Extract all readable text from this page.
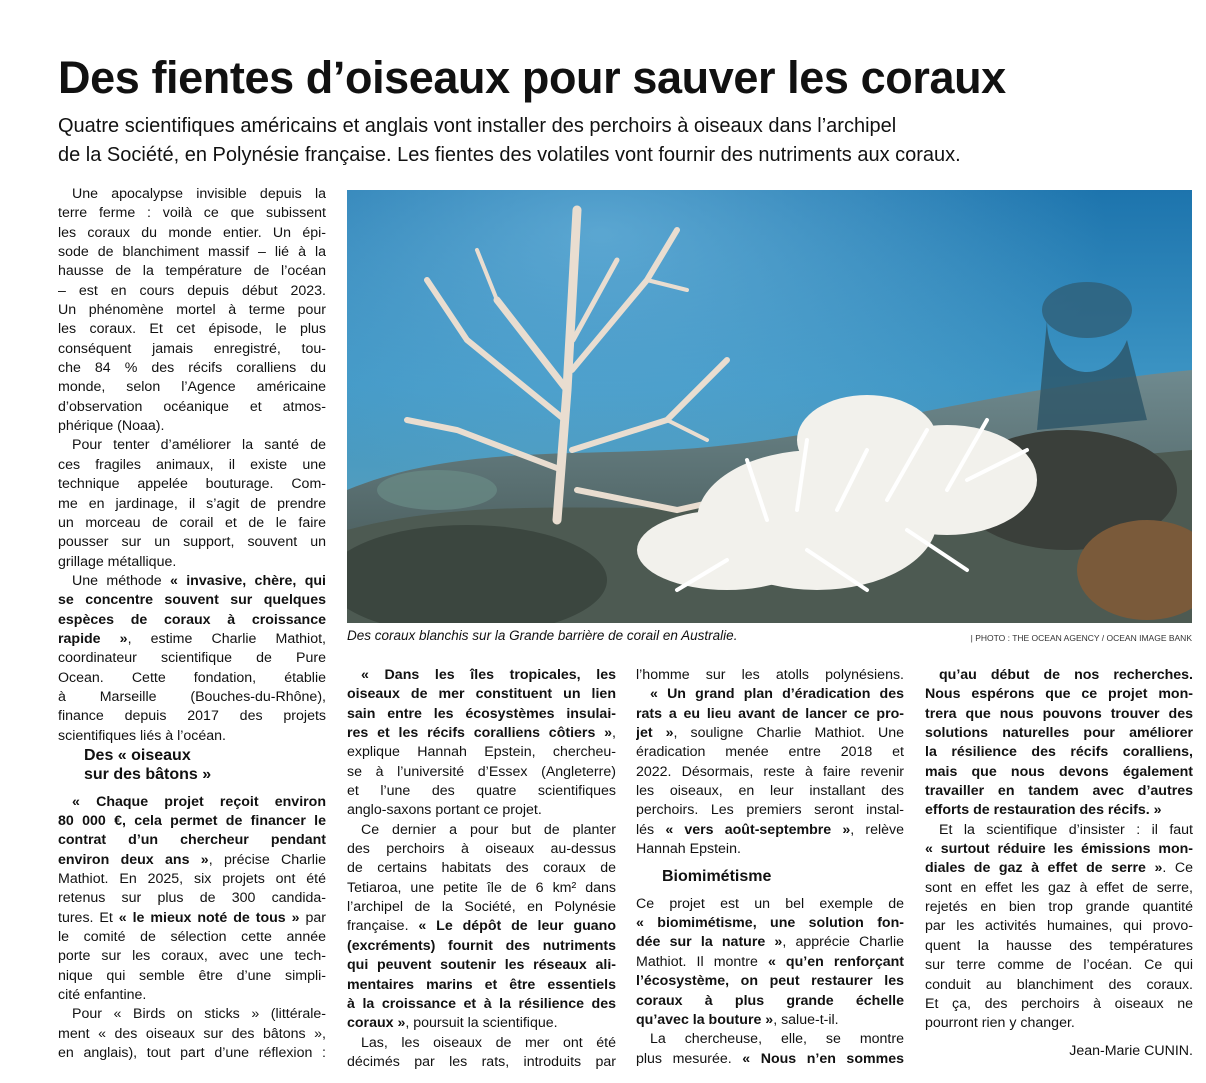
Des fientes d’oiseaux pour sauver les coraux
Quatre scientifiques américains et anglais vont installer des perchoirs à oiseaux dans l’archipel
de la Société, en Polynésie française. Les fientes des volatiles vont fournir des nutriments aux coraux.
Des coraux blanchis sur la Grande barrière de corail en Australie.	| PHOTO : THE OCEAN AGENCY / OCEAN IMAGE BANK
Une apocalypse invisible depuis la
terre ferme : voilà ce que subissent
les coraux du monde entier. Un épi-
sode de blanchiment massif – lié à la
hausse de la température de l’océan
– est en cours depuis début 2023.
Un phénomène mortel à terme pour
les coraux. Et cet épisode, le plus
conséquent jamais enregistré, tou-
che 84 % des récifs coralliens du
monde, selon l’Agence américaine
d’observation océanique et atmos-
phérique (Noaa).
Pour tenter d’améliorer la santé de
ces fragiles animaux, il existe une
technique appelée bouturage. Com-
me en jardinage, il s’agit de prendre
un morceau de corail et de le faire
pousser sur un support, souvent un
grillage métallique.
Une méthode « invasive, chère, qui
se concentre souvent sur quelques
espèces de coraux à croissance
rapide », estime Charlie Mathiot,
coordinateur scientifique de Pure
Ocean. Cette fondation, établie
à Marseille (Bouches-du-Rhône),
finance depuis 2017 des projets
scientifiques liés à l’océan.
Des « oiseaux
sur des bâtons »
« Chaque projet reçoit environ
80 000 €, cela permet de financer le
contrat d’un chercheur pendant
environ deux ans », précise Charlie
Mathiot. En 2025, six projets ont été
retenus sur plus de 300 candida-
tures. Et « le mieux noté de tous » par
le comité de sélection cette année
porte sur les coraux, avec une tech-
nique qui semble être d’une simpli-
cité enfantine.
Pour « Birds on sticks » (littérale-
ment « des oiseaux sur des bâtons »,
en anglais), tout part d’une réflexion :
« Dans les îles tropicales, les
oiseaux de mer constituent un lien
sain entre les écosystèmes insulai-
res et les récifs coralliens côtiers »,
explique Hannah Epstein, chercheu-
se à l’université d’Essex (Angleterre)
et l’une des quatre scientifiques
anglo-saxons portant ce projet.
Ce dernier a pour but de planter
des perchoirs à oiseaux au-dessus
de certains habitats des coraux de
Tetiaroa, une petite île de 6 km² dans
l’archipel de la Société, en Polynésie
française. « Le dépôt de leur guano
(excréments) fournit des nutriments
qui peuvent soutenir les réseaux ali-
mentaires marins et être essentiels
à la croissance et à la résilience des
coraux », poursuit la scientifique.
Las, les oiseaux de mer ont été
décimés par les rats, introduits par
l’homme sur les atolls polynésiens.
« Un grand plan d’éradication des
rats a eu lieu avant de lancer ce pro-
jet », souligne Charlie Mathiot. Une
éradication menée entre 2018 et
2022. Désormais, reste à faire revenir
les oiseaux, en leur installant des
perchoirs. Les premiers seront instal-
lés « vers août-septembre », relève
Hannah Epstein.
Biomimétisme
Ce projet est un bel exemple de
« biomimétisme, une solution fon-
dée sur la nature », apprécie Charlie
Mathiot. Il montre « qu’en renforçant
l’écosystème, on peut restaurer les
coraux à plus grande échelle
qu’avec la bouture », salue-t-il.
La chercheuse, elle, se montre
plus mesurée. « Nous n’en sommes
qu’au début de nos recherches.
Nous espérons que ce projet mon-
trera que nous pouvons trouver des
solutions naturelles pour améliorer
la résilience des récifs coralliens,
mais que nous devons également
travailler en tandem avec d’autres
efforts de restauration des récifs. »
Et la scientifique d’insister : il faut
« surtout réduire les émissions mon-
diales de gaz à effet de serre ». Ce
sont en effet les gaz à effet de serre,
rejetés en bien trop grande quantité
par les activités humaines, qui provo-
quent la hausse des températures
sur terre comme de l’océan. Ce qui
conduit au blanchiment des coraux.
Et ça, des perchoirs à oiseaux ne
pourront rien y changer.
Jean-Marie CUNIN.
